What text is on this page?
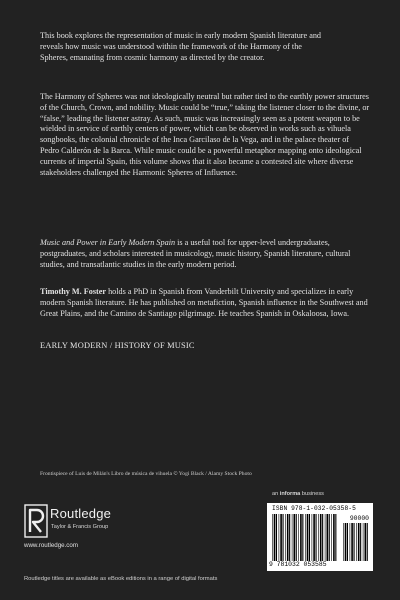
This book explores the representation of music in early modern Spanish literature and reveals how music was understood within the framework of the Harmony of the Spheres, emanating from cosmic harmony as directed by the creator.

The Harmony of Spheres was not ideologically neutral but rather tied to the earthly power structures of the Church, Crown, and nobility. Music could be “true,” taking the listener closer to the divine, or “false,” leading the listener astray. As such, music was increasingly seen as a potent weapon to be wielded in service of earthly centers of power, which can be observed in works such as vihuela songbooks, the colonial chronicle of the Inca Garcilaso de la Vega, and in the palace theater of Pedro Calderón de la Barca. While music could be a powerful metaphor mapping onto ideological currents of imperial Spain, this volume shows that it also became a contested site where diverse stakeholders challenged the Harmonic Spheres of Influence.

Music and Power in Early Modern Spain is a useful tool for upper-level undergraduates, postgraduates, and scholars interested in musicology, music history, Spanish literature, cultural studies, and transatlantic studies in the early modern period.

Timothy M. Foster holds a PhD in Spanish from Vanderbilt University and specializes in early modern Spanish literature. He has published on metafiction, Spanish influence in the Southwest and Great Plains, and the Camino de Santiago pilgrimage. He teaches Spanish in Oskaloosa, Iowa.

EARLY MODERN / HISTORY OF MUSIC

Frontispiece of Luis de Milán's Libro de música de vihuela © Yogi Black / Alamy Stock Photo

Routledge
Taylor & Francis Group
www.routledge.com
an informa business
ISBN 978-1-032-05358-5
90000
9 781032 053585

Routledge titles are available as eBook editions in a range of digital formats
